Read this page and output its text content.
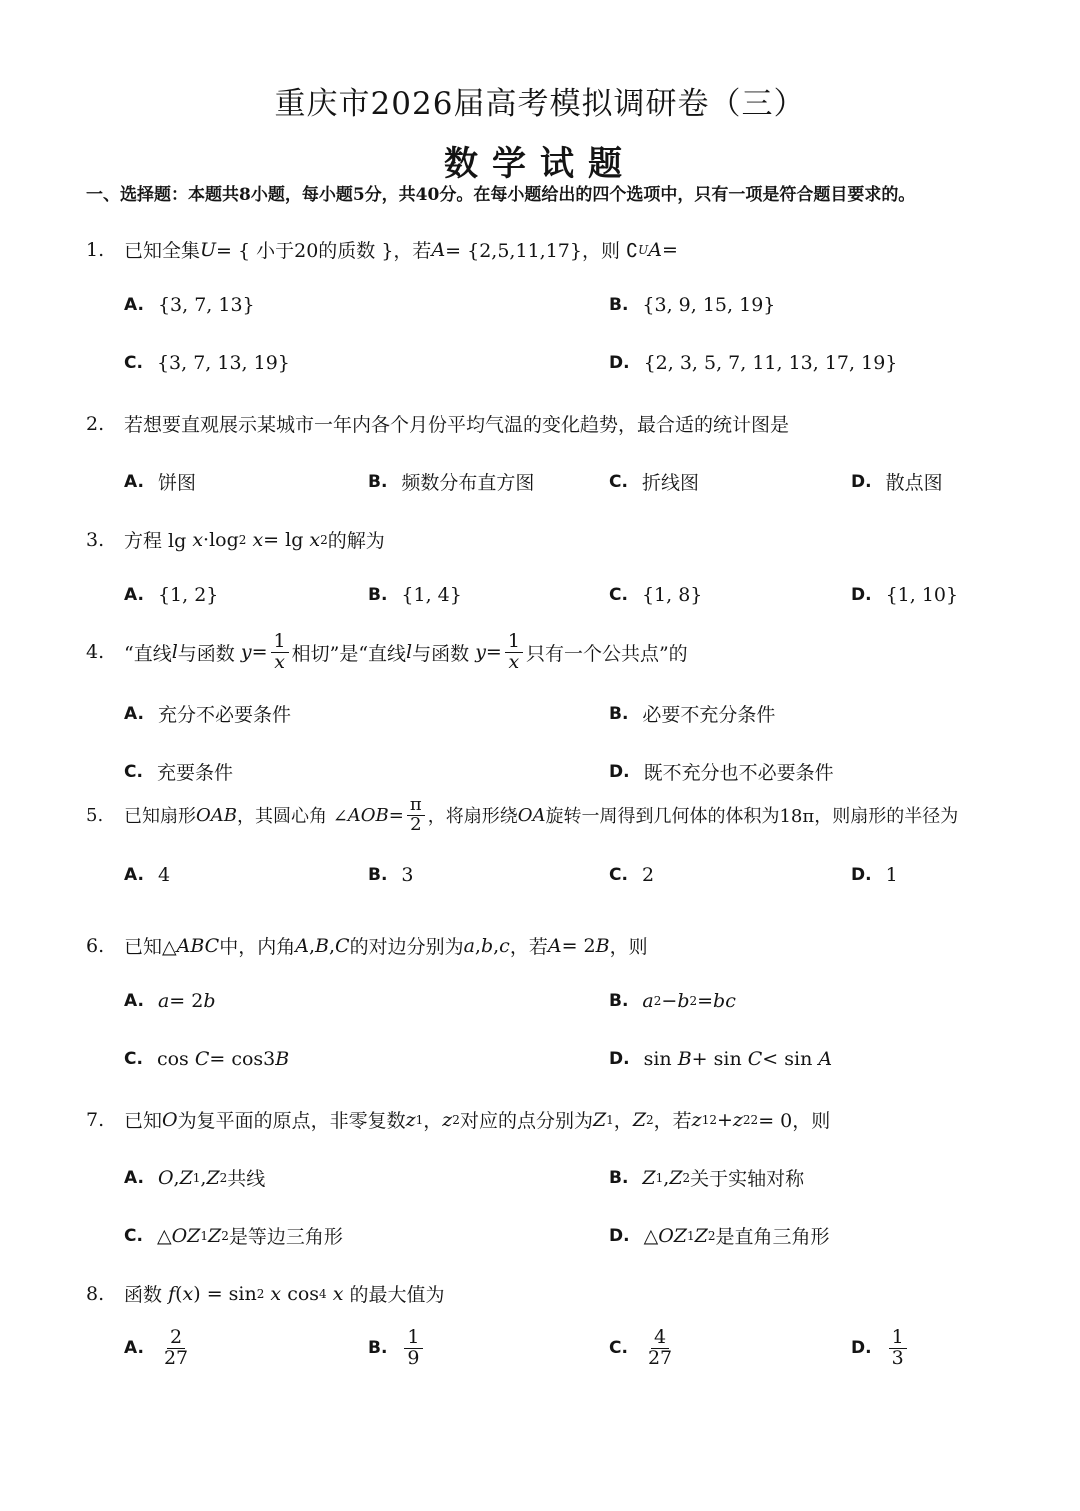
重庆市2026届高考模拟调研卷（三）
数学试题
一、选择题：本题共8小题，每小题5分，共40分。在每小题给出的四个选项中，只有一项是符合题目要求的。
1.	已知全集 U = { 小于20的质数 }，若 A = {2,5,11,17}，则 ∁ U A =
A. {3, 7, 13}	B. {3, 9, 15, 19}
C. {3, 7, 13, 19}	D. {2, 3, 5, 7, 11, 13, 17, 19}
2.	若想要直观展示某城市一年内各个月份平均气温的变化趋势，最合适的统计图是
A. 饼图	B. 频数分布直方图	C. 折线图	D. 散点图
3.	方程 lg
x ·log 2
x = lg
x 2 的解为
A. {1, 2}	B. {1, 4}	C. {1, 8}	D. {1, 10}
4.	“直线 l 与函数
$y = \frac{1}{x}$ 相切”是“直线 l 与函数
$y = \frac{1}{x}$ 只有一个公共点”的
A. 充分不必要条件	B. 必要不充分条件
C. 充要条件	D. 既不充分也不必要条件
5.	已知扇形 OAB ，其圆心角 ∠ AOB = $\frac{\pi}{2}$ ，将扇形绕 OA 旋转一周得到几何体的体积为18π，则扇形的半径为
A. 4	B. 3	C. 2	D. 1
6.	已知△ ABC 中，内角 A , B , C 的对边分别为 a , b , c ，若 A = 2 B ，则
A. a = 2 b	B. a 2 − b 2 = bc
C. cos
C = cos3 B	D. sin
B + sin
C < sin
A
7.	已知 O 为复平面的原点，非零复数 z 1 ， z 2 对应的点分别为 Z 1 ， Z 2 ，若 z 1 2 + z 2 2 = 0，则
A. O , Z 1 , Z 2 共线	B. Z 1 , Z 2 关于实轴对称
C. △ OZ 1 Z 2 是等边三角形	D. △ OZ 1 Z 2 是直角三角形
8.	函数
f ( x ) = sin 2
x
cos 4
x
的最大值为
A. $\frac{2}{27}$	B. $\frac{1}{9}$	C. $\frac{4}{27}$	D. $\frac{1}{3}$
